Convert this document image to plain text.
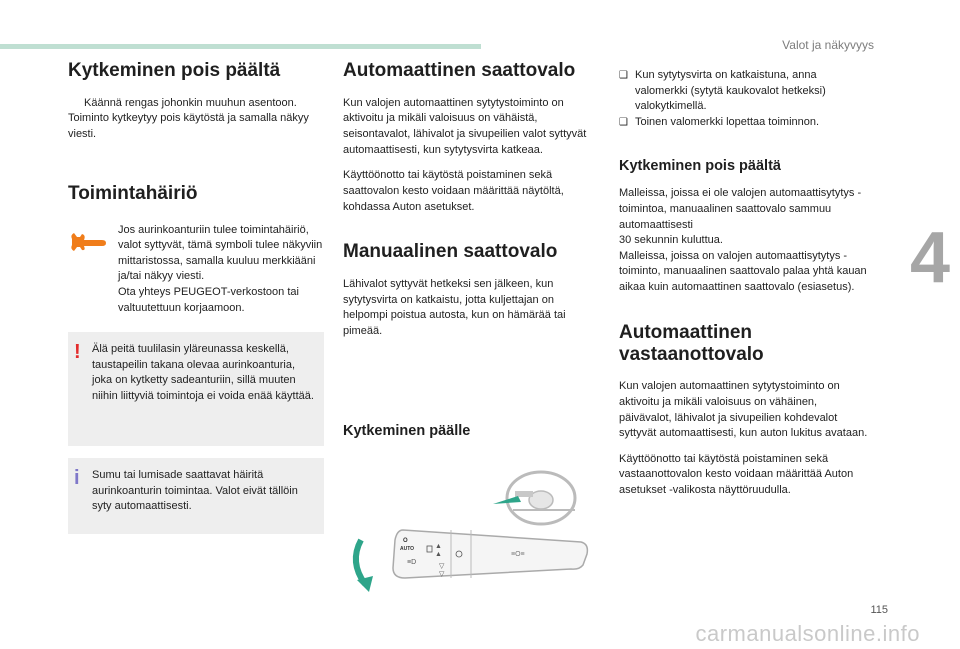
Valot ja näkyvyys
4
115
carmanualsonline.info
Kytkeminen pois päältä

Käännä rengas johonkin muuhun asentoon.

Toiminto kytkeytyy pois käytöstä ja samalla näkyy viesti.

Toimintahäiriö

Jos aurinkoanturiin tulee toimintahäiriö, valot syttyvät, tämä symboli tulee näkyviin mittaristossa, samalla kuuluu merkkiääni ja/tai näkyy viesti.

Ota yhteys PEUGEOT-verkostoon tai valtuutettuun korjaamoon.

!	Älä peitä tuulilasin yläreunassa keskellä, taustapeilin takana olevaa aurinkoanturia, joka on kytketty sadeanturiin, sillä muuten niihin liittyviä toimintoja ei voida enää käyttää.

i	Sumu tai lumisade saattavat häiritä aurinkoanturin toimintaa. Valot eivät tällöin syty automaattisesti.

Automaattinen saattovalo

Kun valojen automaattinen sytytystoiminto on aktivoitu ja mikäli valoisuus on vähäistä, seisontavalot, lähivalot ja sivupeilien valot syttyvät automaattisesti, kun sytytysvirta katkeaa.

Käyttöönotto tai käytöstä poistaminen sekä saattovalon kesto voidaan määrittää näytöltä, kohdassa Auton asetukset.

Manuaalinen saattovalo

Lähivalot syttyvät hetkeksi sen jälkeen, kun sytytysvirta on katkaistu, jotta kuljettajan on helpompi poistua autosta, kun on hämärää tai pimeää.

Kytkeminen päälle
O
AUTO
≡D
▲
▲
▽
▽
≡O≡
❑ Kun sytytysvirta on katkaistuna, anna valomerkki (sytytä kaukovalot hetkeksi) valokytkimellä.

❑ Toinen valomerkki lopettaa toiminnon.

Kytkeminen pois päältä

Malleissa, joissa ei ole valojen automaattisytytys -toimintoa, manuaalinen saattovalo sammuu automaattisesti

30 sekunnin kuluttua.

Malleissa, joissa on valojen automaattisytytys -toiminto, manuaalinen saattovalo palaa yhtä kauan aikaa kuin automaattinen saattovalo (esiasetus).

Automaattinen vastaanottovalo

Kun valojen automaattinen sytytystoiminto on aktivoitu ja mikäli valoisuus on vähäinen, päivävalot, lähivalot ja sivupeilien kohdevalot syttyvät automaattisesti, kun auton lukitus avataan.

Käyttöönotto tai käytöstä poistaminen sekä vastaanottovalon kesto voidaan määrittää Auton asetukset -valikosta näyttöruudulla.
